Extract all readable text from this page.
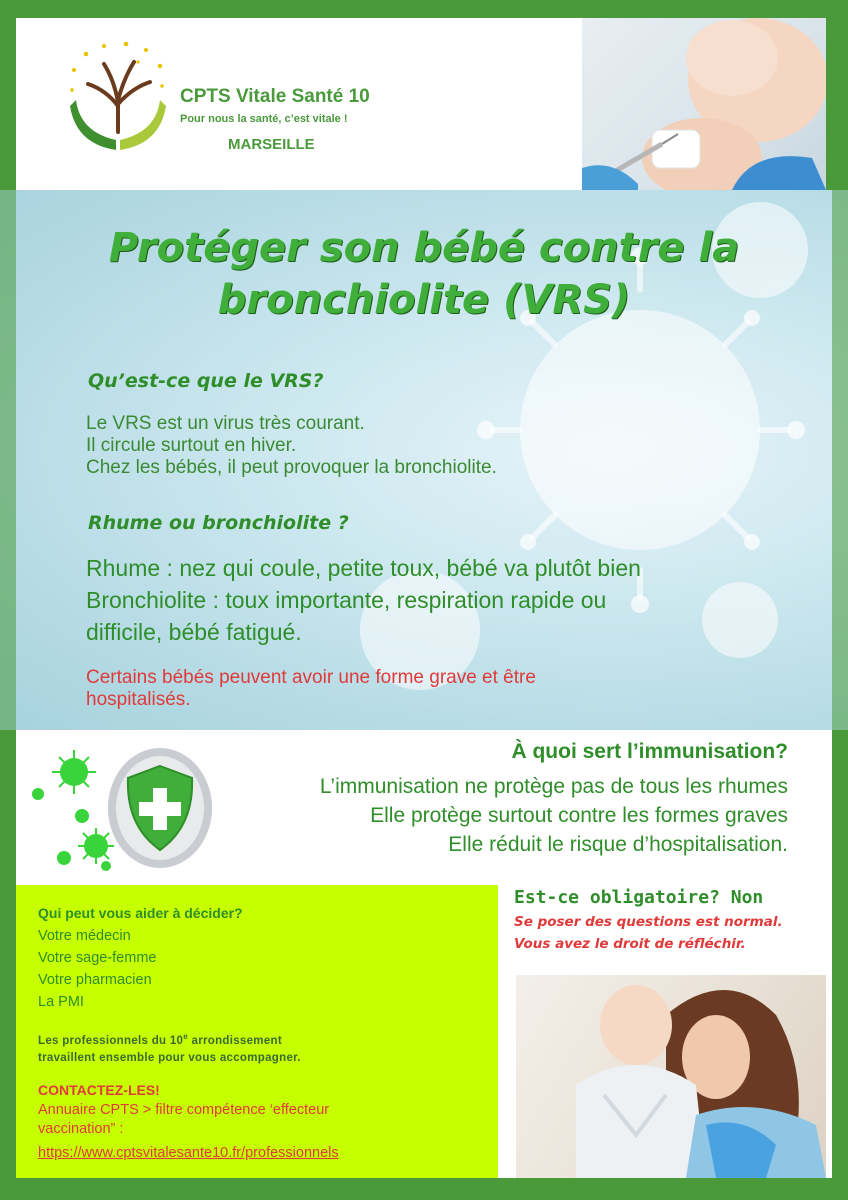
CPTS Vitale Santé 10
Pour nous la santé, c’est vitale !
MARSEILLE
Protéger son bébé contre la
bronchiolite (VRS)
Qu’est-ce que le VRS?
Le VRS est un virus très courant.
Il circule surtout en hiver.
Chez les bébés, il peut provoquer la bronchiolite.
Rhume ou bronchiolite ?
Rhume : nez qui coule, petite toux, bébé va plutôt bien
Bronchiolite : toux importante, respiration rapide ou
difficile, bébé fatigué.
Certains bébés peuvent avoir une forme grave et être
hospitalisés.
À quoi sert l’immunisation?
L’immunisation ne protège pas de tous les rhumes
Elle protège surtout contre les formes graves
Elle réduit le risque d’hospitalisation.
Qui peut vous aider à décider?
Votre médecin
Votre sage-femme
Votre pharmacien
La PMI
Les professionnels du 10e arrondissement
travaillent ensemble pour vous accompagner.
CONTACTEZ-LES!
Annuaire CPTS > filtre compétence ‘effecteur
vaccination” :
https://www.cptsvitalesante10.fr/professionnels
Est-ce obligatoire? Non
Se poser des questions est normal.
Vous avez le droit de réfléchir.
